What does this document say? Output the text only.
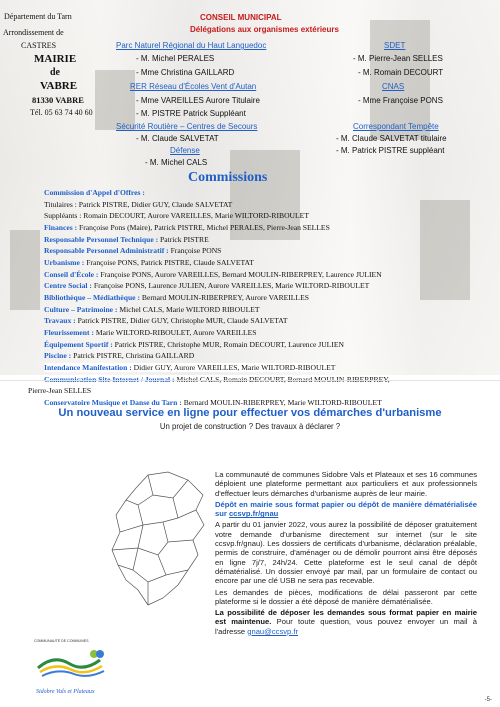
Département du Tarn
Arrondissement de
CASTRES
MAIRIE
de
VABRE
81330 VABRE
Tél. 05 63 74 40 60
CONSEIL MUNICIPAL
Délégations aux organismes extérieurs
Parc Naturel Régional du Haut Languedoc	SDET
- M. Michel PERALES	- M. Pierre-Jean SELLES
- Mme Christina GAILLARD	- M. Romain DECOURT
RER Réseau d'Écoles Vent d'Autan	CNAS
- Mme VAREILLES Aurore Titulaire	- Mme Françoise PONS
- M. PISTRE Patrick Suppléant
Sécurité Routière – Centres de Secours	Correspondant Tempête
- M. Claude SALVETAT	- M. Claude SALVETAT titulaire
Défense	- M. Patrick PISTRE suppléant
- M. Michel CALS
Commissions
Commission d'Appel d'Offres :
Titulaires : Patrick PISTRE, Didier GUY, Claude SALVETAT
Suppléants : Romain DECOURT, Aurore VAREILLES, Marie WILTORD-RIBOULET
Finances : Françoise Pons (Maire), Patrick PISTRE, Michel PERALES, Pierre-Jean SELLES
Responsable Personnel Technique : Patrick PISTRE
Responsable Personnel Administratif : Françoise PONS
Urbanisme : Françoise PONS, Patrick PISTRE, Claude SALVETAT
Conseil d'École : Françoise PONS, Aurore VAREILLES, Bernard MOULIN-RIBERPREY, Laurence JULIEN
Centre Social : Françoise PONS, Laurence JULIEN, Aurore VAREILLES, Marie WILTORD-RIBOULET
Bibliothèque – Médiathèque : Bernard MOULIN-RIBERPREY, Aurore VAREILLES
Culture – Patrimoine : Michel CALS, Marie WILTORD RIBOULET
Travaux : Patrick PISTRE, Didier GUY, Christophe MUR, Claude SALVETAT
Fleurissement : Marie WILTORD-RIBOULET, Aurore VAREILLES
Équipement Sportif : Patrick PISTRE, Christophe MUR, Romain DECOURT, Laurence JULIEN
Piscine : Patrick PISTRE, Christina GAILLARD
Intendance Manifestation : Didier GUY, Aurore VAREILLES, Marie WILTORD-RIBOULET
Pierre-Jean SELLES
Conservatoire Musique et Danse du Tarn : Bernard MOULIN-RIBERPREY, Marie WILTORD-RIBOULET
Un nouveau service en ligne pour effectuer vos démarches d'urbanisme
Un projet de construction ? Des travaux à déclarer ?
COMMUNAUTÉ DE COMMUNES
Sidobre Vals et Plateaux

La communauté de communes Sidobre Vals et Plateaux et ses 16 communes déploient une plateforme permettant aux particuliers et aux professionnels d'effectuer leurs démarches d'urbanisme auprès de leur mairie.

Dépôt en mairie sous format papier ou dépôt de manière dématérialisée sur ccsvp.fr/gnau

A partir du 01 janvier 2022, vous aurez la possibilité de déposer gratuitement votre demande d'urbanisme directement sur internet (sur le site ccsvp.fr/gnau). Les dossiers de certificats d'urbanisme, déclaration préalable, permis de construire, d'aménager ou de démolir pourront ainsi être déposés en ligne 7j/7, 24h/24. Cette plateforme est le seul canal de dépôt dématérialisé. Un dossier envoyé par mail, par un formulaire de contact ou encore par une clé USB ne sera pas recevable.

Les demandes de pièces, modifications de délai passeront par cette plateforme si le dossier a été déposé de manière dématérialisée.

La possibilité de déposer les demandes sous format papier en mairie est maintenue. Pour toute question, vous pouvez envoyer un mail à l'adresse gnau@ccsvp.fr

-5-
